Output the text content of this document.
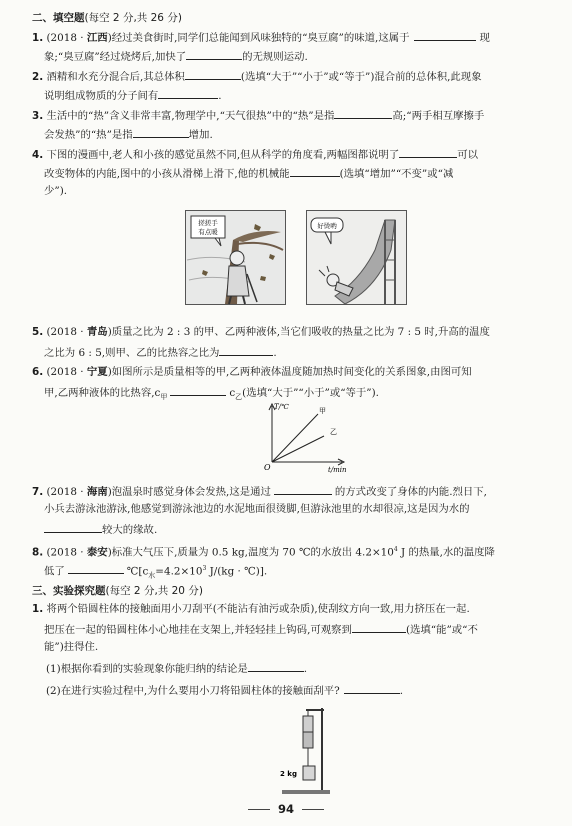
二、填空题(每空 2 分,共 26 分)
1. (2018 · 江西)经过美食街时,同学们总能闻到风味独特的“臭豆腐”的味道,这属于	现
象;“臭豆腐”经过烧烤后,加快了	的无规则运动.
2. 酒精和水充分混合后,其总体积	(选填“大于”“小于”或“等于”)混合前的总体积,此现象
说明组成物质的分子间有	.
3. 生活中的“热”含义非常丰富,物理学中,“天气很热”中的“热”是指	高;“两手相互摩擦手
会发热”的“热”是指	增加.
4. 下图的漫画中,老人和小孩的感觉虽然不同,但从科学的角度看,两幅图都说明了	可以
改变物体的内能,图中的小孩从滑梯上滑下,他的机械能	(选填“增加”“不变”或“减
少”).
搓搓手
有点暖
好烫哟
5. (2018 · 青岛)质量之比为 2 : 3 的甲、乙两种液体,当它们吸收的热量之比为 7 : 5 时,升高的温度
之比为 6 : 5,则甲、乙的比热容之比为	.
6. (2018 · 宁夏)如图所示是质量相等的甲,乙两种液体温度随加热时间变化的关系图象,由图可知
甲,乙两种液体的比热容$,c_甲$	$c_乙$(选填“大于”“小于”或“等于”).
T/℃
t/min
O
甲
乙
7. (2018 · 海南)泡温泉时感觉身体会发热,这是通过	的方式改变了身体的内能.烈日下,
小兵去游泳池游泳,他感觉到游泳池边的水泥地面很烫脚,但游泳池里的水却很凉,这是因为水的
较大的缘故.
8. (2018 · 泰安)标准大气压下,质量为 0.5 kg,温度为 70 ℃的水放出 $4.2\times 10^4$ J 的热量,水的温度降
低了	$℃[c_水=4.2\times 10^3$ J/(kg · ℃)].
三、实验探究题(每空 2 分,共 20 分)
1. 将两个铅圆柱体的接触面用小刀刮平(不能沾有油污或杂质),使刮纹方向一致,用力挤压在一起.
把压在一起的铅圆柱体小心地挂在支架上,并轻轻挂上钩码,可观察到	(选填“能”或“不
能”)拄得住.
(1)根据你看到的实验现象你能归纳的结论是	.
(2)在进行实验过程中,为什么要用小刀将铅圆柱体的接触面刮平?	.
2 kg
94
